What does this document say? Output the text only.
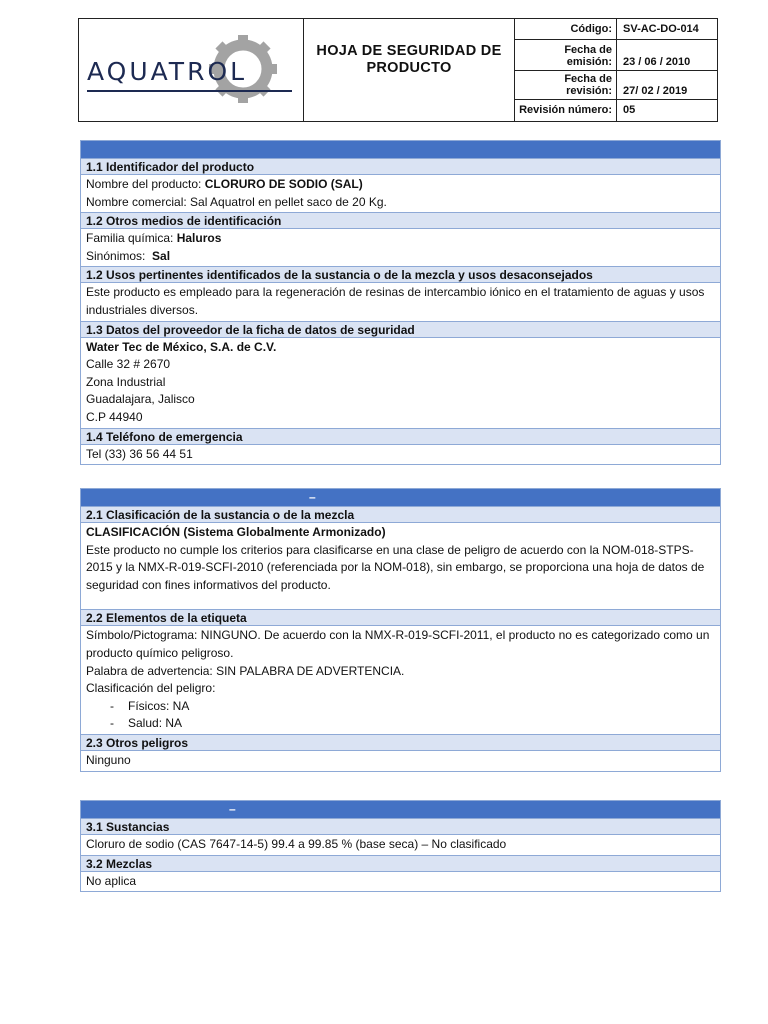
AQUATROL
HOJA DE SEGURIDAD DE PRODUCTO
Código:	SV-AC-DO-014
Fecha de emisión:	23 / 06 / 2010
Fecha de revisión:	27/ 02 / 2019
Revisión número:	05
1.1 Identificador del producto
Nombre del producto: CLORURO DE SODIO (SAL)
Nombre comercial: Sal Aquatrol en pellet saco de 20 Kg.
1.2 Otros medios de identificación
Familia química: Haluros
Sinónimos:  Sal
1.2 Usos pertinentes identificados de la sustancia o de la mezcla y usos desaconsejados
Este producto es empleado para la regeneración de resinas de intercambio iónico en el tratamiento de aguas y usos industriales diversos.
1.3 Datos del proveedor de la ficha de datos de seguridad
Water Tec de México, S.A. de C.V.
Calle 32 # 2670
Zona Industrial
Guadalajara, Jalisco
C.P 44940
1.4 Teléfono de emergencia
Tel (33) 36 56 44 51
–
2.1 Clasificación de la sustancia o de la mezcla
CLASIFICACIÓN (Sistema Globalmente Armonizado)
Este producto no cumple los criterios para clasificarse en una clase de peligro de acuerdo con la NOM-018-STPS-2015 y la NMX-R-019-SCFI-2010 (referenciada por la NOM-018), sin embargo, se proporciona una hoja de datos de seguridad con fines informativos del producto.
2.2 Elementos de la etiqueta
Símbolo/Pictograma: NINGUNO. De acuerdo con la NMX-R-019-SCFI-2011, el producto no es categorizado como un producto químico peligroso.
Palabra de advertencia: SIN PALABRA DE ADVERTENCIA.
Clasificación del peligro:
- Físicos: NA
- Salud: NA
2.3 Otros peligros
Ninguno
–
3.1 Sustancias
Cloruro de sodio (CAS 7647-14-5) 99.4 a 99.85 % (base seca) – No clasificado
3.2 Mezclas
No aplica
